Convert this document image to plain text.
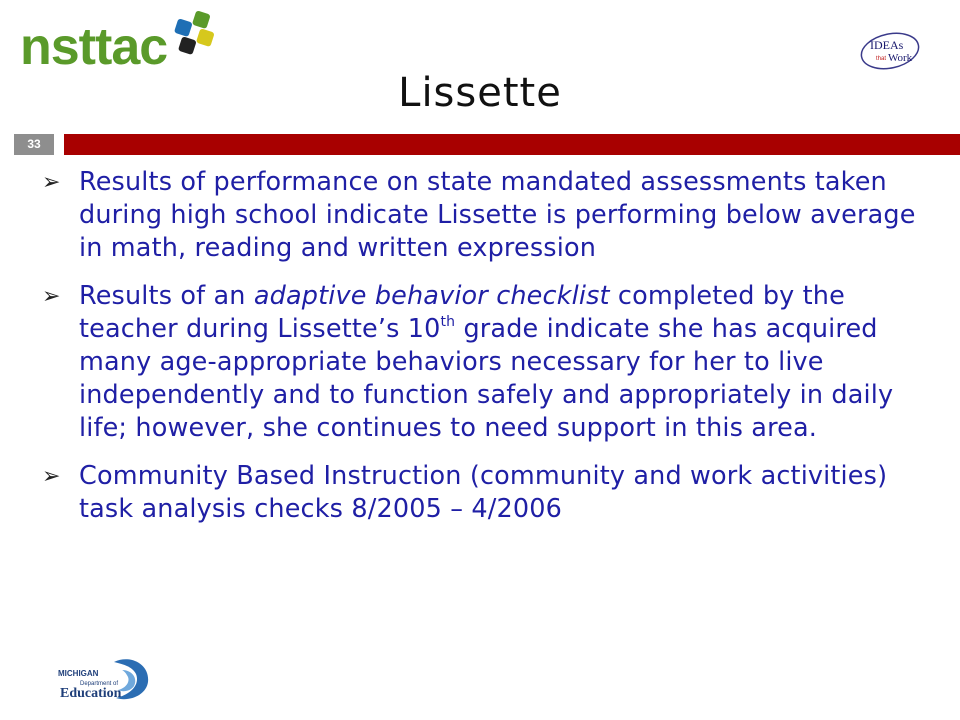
nsttac	IDEAs
that Work
Lissette
33
➢ Results of performance on state mandated assessments taken during high school indicate Lissette is performing below average in math, reading and written expression
➢ Results of an adaptive behavior checklist completed by the teacher during Lissette’s 10th grade indicate she has acquired many age-appropriate behaviors necessary for her to live independently and to function safely and appropriately in daily life; however, she continues to need support in this area.
➢ Community Based Instruction (community and work activities) task analysis checks 8/2005 – 4/2006
MICHIGAN
Department of
Education
